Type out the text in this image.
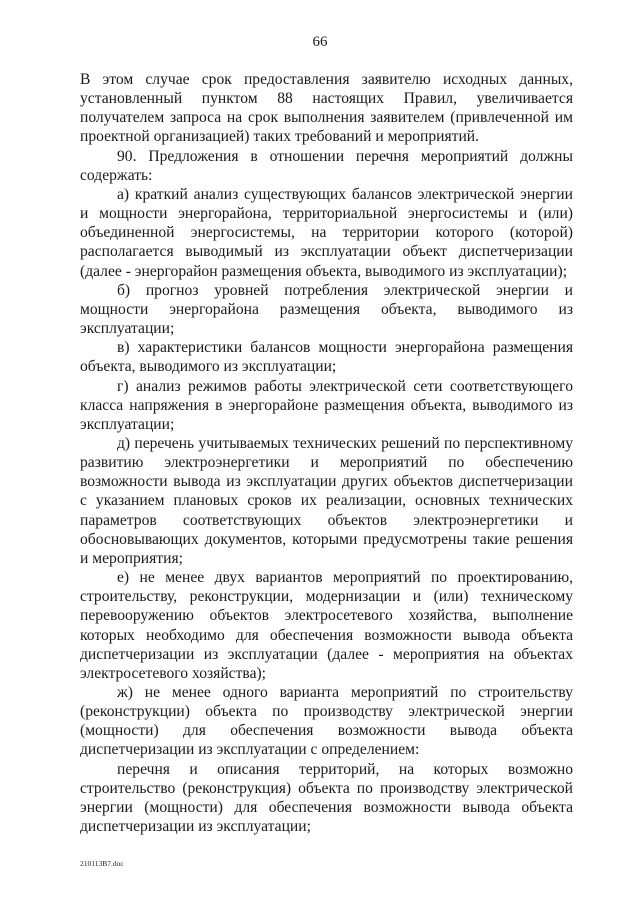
66

В этом случае срок предоставления заявителю исходных данных, установленный пунктом 88 настоящих Правил, увеличивается получателем запроса на срок выполнения заявителем (привлеченной им проектной организацией) таких требований и мероприятий.

90. Предложения в отношении перечня мероприятий должны содержать:

а) краткий анализ существующих балансов электрической энергии и мощности энергорайона, территориальной энергосистемы и (или) объединенной энергосистемы, на территории которого (которой) располагается выводимый из эксплуатации объект диспетчеризации (далее - энергорайон размещения объекта, выводимого из эксплуатации);

б) прогноз уровней потребления электрической энергии и мощности энергорайона размещения объекта, выводимого из эксплуатации;

в) характеристики балансов мощности энергорайона размещения объекта, выводимого из эксплуатации;

г) анализ режимов работы электрической сети соответствующего класса напряжения в энергорайоне размещения объекта, выводимого из эксплуатации;

д) перечень учитываемых технических решений по перспективному развитию электроэнергетики и мероприятий по обеспечению возможности вывода из эксплуатации других объектов диспетчеризации с указанием плановых сроков их реализации, основных технических параметров соответствующих объектов электроэнергетики и обосновывающих документов, которыми предусмотрены такие решения и мероприятия;

е) не менее двух вариантов мероприятий по проектированию, строительству, реконструкции, модернизации и (или) техническому перевооружению объектов электросетевого хозяйства, выполнение которых необходимо для обеспечения возможности вывода объекта диспетчеризации из эксплуатации (далее - мероприятия на объектах электросетевого хозяйства);

ж) не менее одного варианта мероприятий по строительству (реконструкции) объекта по производству электрической энергии (мощности) для обеспечения возможности вывода объекта диспетчеризации из эксплуатации с определением:

перечня и описания территорий, на которых возможно строительство (реконструкция) объекта по производству электрической энергии (мощности) для обеспечения возможности вывода объекта диспетчеризации из эксплуатации;

210113В7.doc
